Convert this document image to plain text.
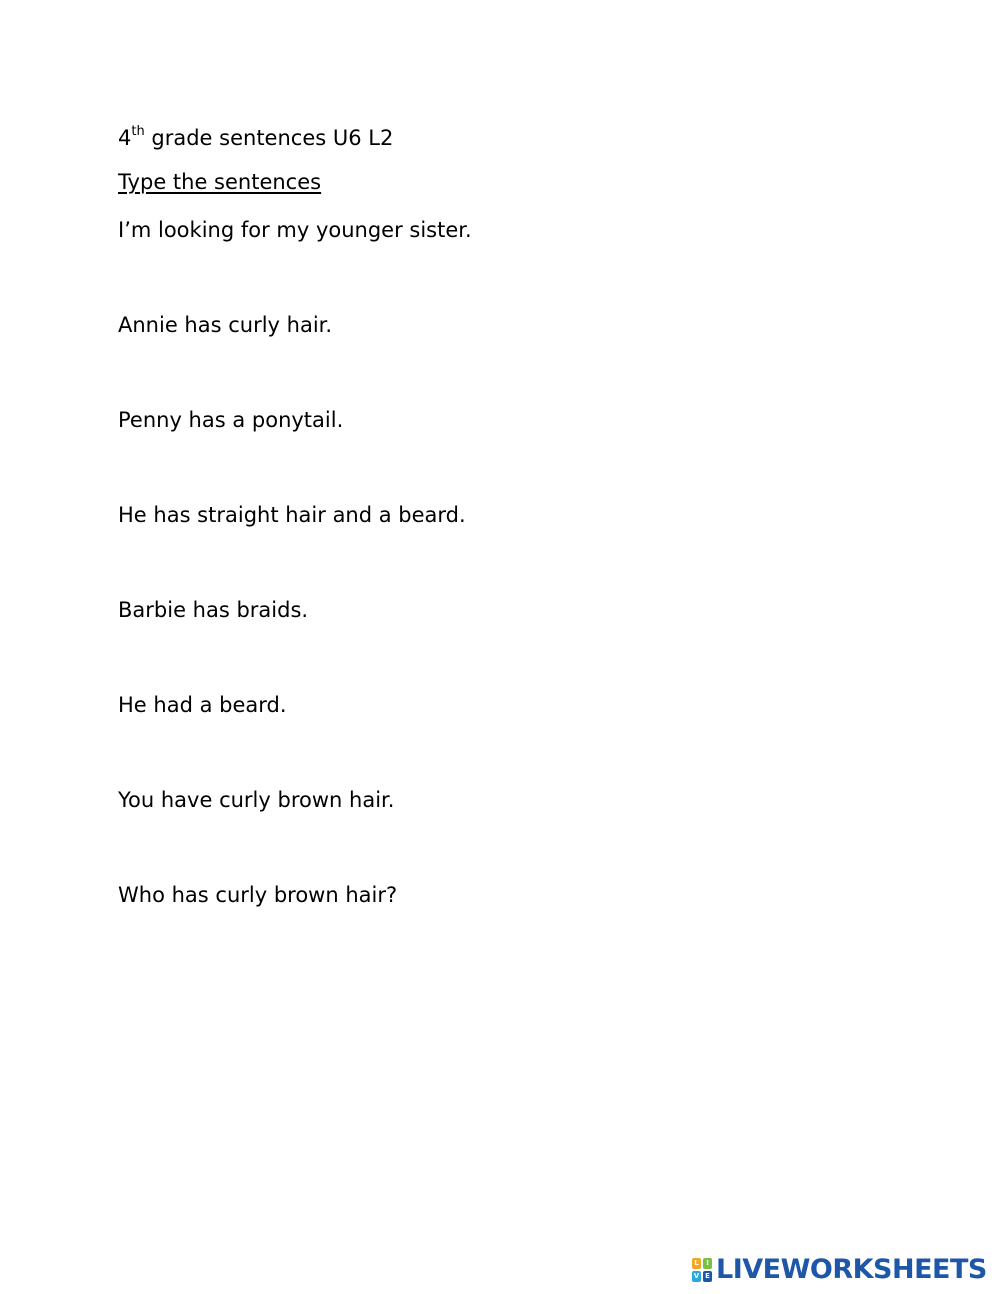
4th grade sentences U6 L2
Type the sentences
I’m looking for my younger sister.
Annie has curly hair.
Penny has a ponytail.
He has straight hair and a beard.
Barbie has braids.
He had a beard.
You have curly brown hair.
Who has curly brown hair?
L	I
V E LIVEWORKSHEETS
